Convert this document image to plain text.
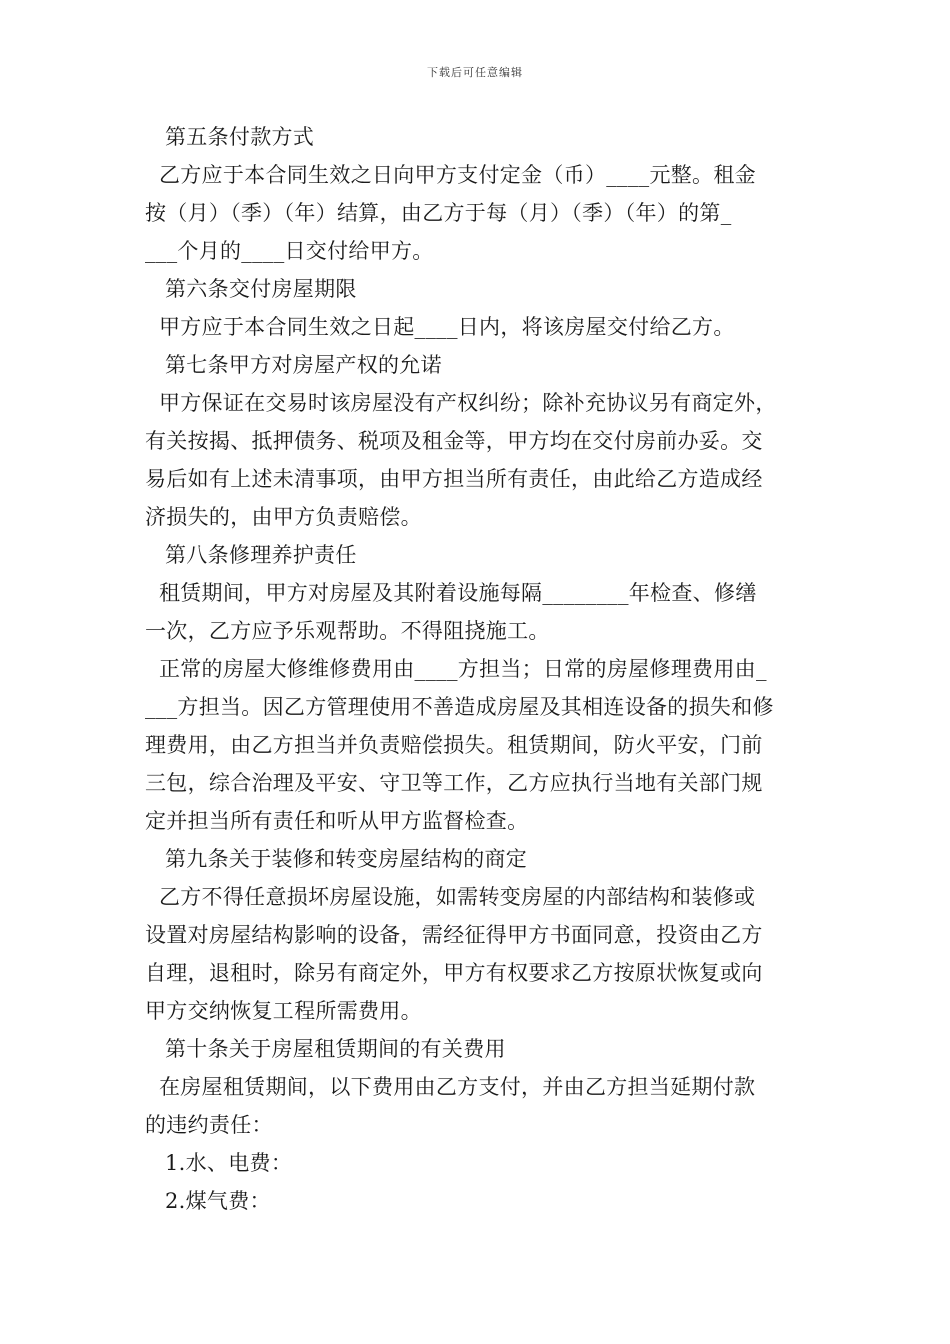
下载后可任意编辑
第五条付款方式
乙方应于本合同生效之日向甲方支付定金（币）____元整。租金
按（月）（季）（年）结算，由乙方于每（月）（季）（年）的第_
___个月的____日交付给甲方。
第六条交付房屋期限
甲方应于本合同生效之日起____日内，将该房屋交付给乙方。
第七条甲方对房屋产权的允诺
甲方保证在交易时该房屋没有产权纠纷；除补充协议另有商定外，
有关按揭、抵押债务、税项及租金等，甲方均在交付房前办妥。交
易后如有上述未清事项，由甲方担当所有责任，由此给乙方造成经
济损失的，由甲方负责赔偿。
第八条修理养护责任
租赁期间，甲方对房屋及其附着设施每隔________年检查、修缮
一次，乙方应予乐观帮助。不得阻挠施工。
正常的房屋大修维修费用由____方担当；日常的房屋修理费用由_
___方担当。因乙方管理使用不善造成房屋及其相连设备的损失和修
理费用，由乙方担当并负责赔偿损失。租赁期间，防火平安，门前
三包，综合治理及平安、守卫等工作，乙方应执行当地有关部门规
定并担当所有责任和听从甲方监督检查。
第九条关于装修和转变房屋结构的商定
乙方不得任意损坏房屋设施，如需转变房屋的内部结构和装修或
设置对房屋结构影响的设备，需经征得甲方书面同意，投资由乙方
自理，退租时，除另有商定外，甲方有权要求乙方按原状恢复或向
甲方交纳恢复工程所需费用。
第十条关于房屋租赁期间的有关费用
在房屋租赁期间，以下费用由乙方支付，并由乙方担当延期付款
的违约责任：
1.水、电费：
2.煤气费：
